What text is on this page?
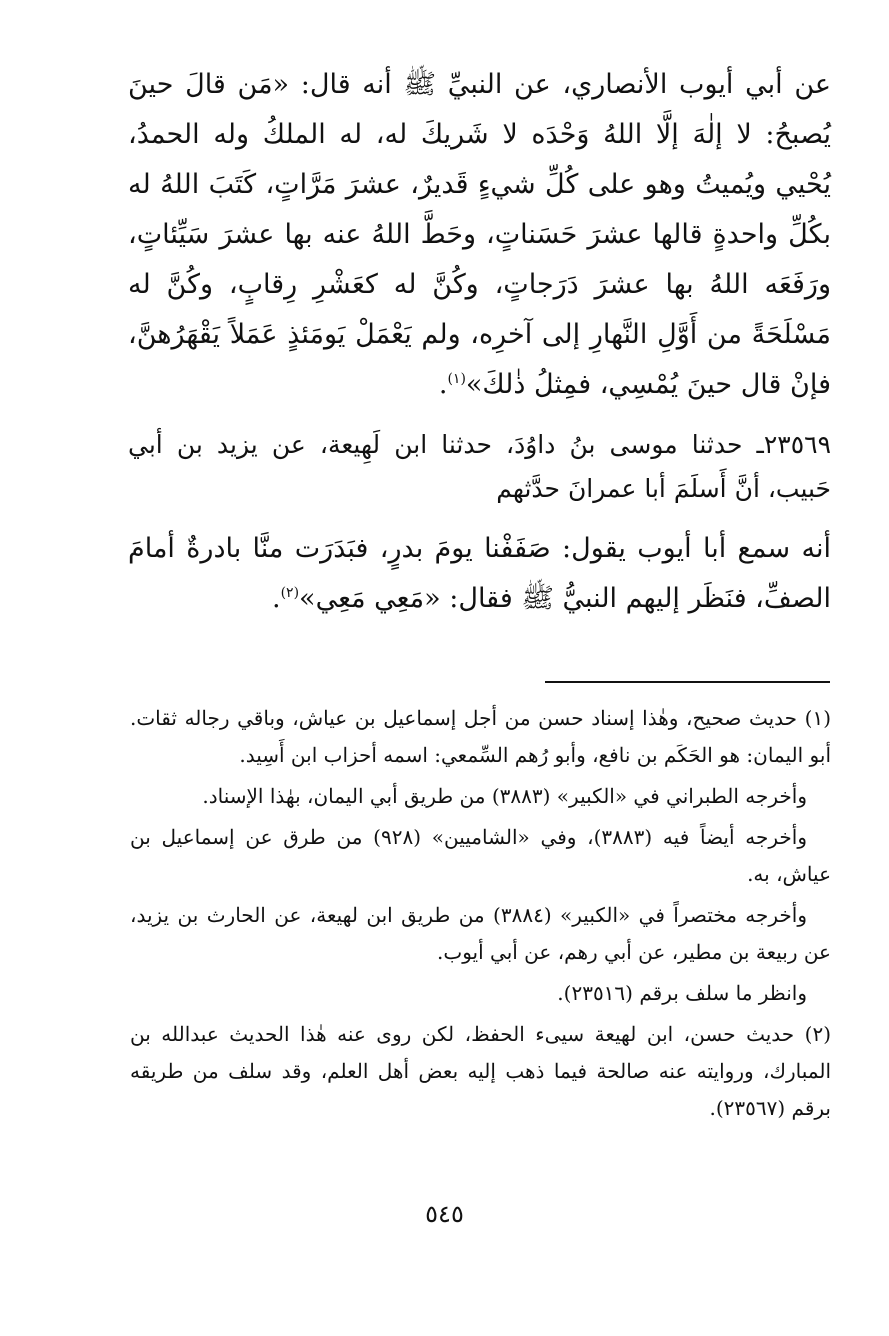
عن أبي أيوب الأنصاري، عن النبيِّ ﷺ أنه قال: «مَن قالَ حينَ يُصبحُ: لا إلٰهَ إلَّا اللهُ وَحْدَه لا شَريكَ له، له الملكُ وله الحمدُ، يُحْيي ويُميتُ وهو على كُلِّ شيءٍ قَديرٌ، عشرَ مَرَّاتٍ، كَتَبَ اللهُ له بكُلِّ واحدةٍ قالها عشرَ حَسَناتٍ، وحَطَّ اللهُ عنه بها عشرَ سَيِّئاتٍ، ورَفَعَه اللهُ بها عشرَ دَرَجاتٍ، وكُنَّ له كعَشْرِ رِقابٍ، وكُنَّ له مَسْلَحَةً من أَوَّلِ النَّهارِ إلى آخرِه، ولم يَعْمَلْ يَومَئذٍ عَمَلاً يَقْهَرُهنَّ، فإنْ قال حينَ يُمْسِي، فمِثلُ ذٰلكَ»$^{(١)}$.

٢٣٥٦٩ـ حدثنا موسى بنُ داوُدَ، حدثنا ابن لَهِيعة، عن يزيد بن أبي حَبيب، أنَّ أَسلَمَ أبا عمرانَ حدَّثهم

أنه سمع أبا أيوب يقول: صَفَفْنا يومَ بدرٍ، فبَدَرَت منَّا بادرةٌ أمامَ الصفِّ، فنَظَر إليهم النبيُّ ﷺ فقال: «مَعِي مَعِي»$^{(٢)}$.

(١) حديث صحيح، وهٰذا إسناد حسن من أجل إسماعيل بن عياش، وباقي رجاله ثقات. أبو اليمان: هو الحَكَم بن نافع، وأبو رُهم السِّمعي: اسمه أحزاب ابن أَسِيد.

وأخرجه الطبراني في «الكبير» (٣٨٨٣) من طريق أبي اليمان، بهٰذا الإسناد.

وأخرجه أيضاً فيه (٣٨٨٣)، وفي «الشاميين» (٩٢٨) من طرق عن إسماعيل بن عياش، به.

وأخرجه مختصراً في «الكبير» (٣٨٨٤) من طريق ابن لهيعة، عن الحارث بن يزيد، عن ربيعة بن مطير، عن أبي رهم، عن أبي أيوب.

وانظر ما سلف برقم (٢٣٥١٦).

(٢) حديث حسن، ابن لهيعة سيىء الحفظ، لكن روى عنه هٰذا الحديث عبدالله بن المبارك، وروايته عنه صالحة فيما ذهب إليه بعض أهل العلم، وقد سلف من طريقه برقم (٢٣٥٦٧).

٥٤٥
